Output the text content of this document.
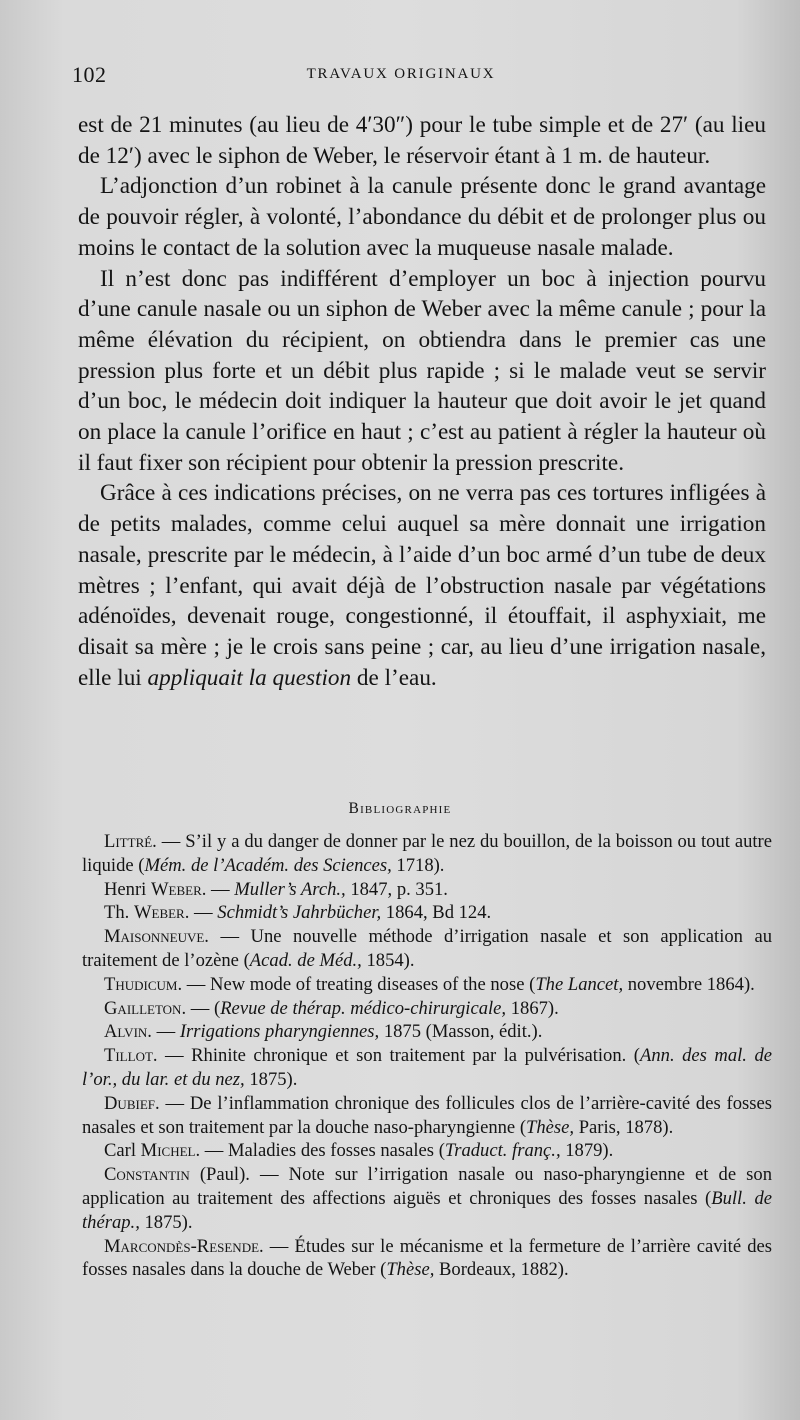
102	TRAVAUX ORIGINAUX

est de 21 minutes (au lieu de 4′30″) pour le tube simple et de 27′ (au lieu de 12′) avec le siphon de Weber, le réservoir étant à 1 m. de hauteur.

L’adjonction d’un robinet à la canule présente donc le grand avantage de pouvoir régler, à volonté, l’abondance du débit et de prolonger plus ou moins le contact de la solution avec la muqueuse nasale malade.

Il n’est donc pas indifférent d’employer un boc à injection pourvu d’une canule nasale ou un siphon de Weber avec la même canule ; pour la même élévation du récipient, on obtiendra dans le premier cas une pression plus forte et un débit plus rapide ; si le malade veut se servir d’un boc, le médecin doit indiquer la hauteur que doit avoir le jet quand on place la canule l’orifice en haut ; c’est au patient à régler la hauteur où il faut fixer son récipient pour obtenir la pression prescrite.

Grâce à ces indications précises, on ne verra pas ces tortures infligées à de petits malades, comme celui auquel sa mère donnait une irrigation nasale, prescrite par le médecin, à l’aide d’un boc armé d’un tube de deux mètres ; l’enfant, qui avait déjà de l’obstruction nasale par végétations adénoïdes, devenait rouge, congestionné, il étouffait, il asphyxiait, me disait sa mère ; je le crois sans peine ; car, au lieu d’une irrigation nasale, elle lui appliquait la question de l’eau.

Bibliographie

Littré. — S’il y a du danger de donner par le nez du bouillon, de la boisson ou tout autre liquide (Mém. de l’Académ. des Sciences, 1718).

Henri Weber. — Muller’s Arch., 1847, p. 351.

Th. Weber. — Schmidt’s Jahrbücher, 1864, Bd 124.

Maisonneuve. — Une nouvelle méthode d’irrigation nasale et son application au traitement de l’ozène (Acad. de Méd., 1854).

Thudicum. — New mode of treating diseases of the nose (The Lancet, novembre 1864).

Gailleton. — (Revue de thérap. médico-chirurgicale, 1867).

Alvin. — Irrigations pharyngiennes, 1875 (Masson, édit.).

Tillot. — Rhinite chronique et son traitement par la pulvérisation. (Ann. des mal. de l’or., du lar. et du nez, 1875).

Dubief. — De l’inflammation chronique des follicules clos de l’arrière-cavité des fosses nasales et son traitement par la douche naso-pharyngienne (Thèse, Paris, 1878).

Carl Michel. — Maladies des fosses nasales (Traduct. franç., 1879).

Constantin (Paul). — Note sur l’irrigation nasale ou naso-pharyngienne et de son application au traitement des affections aiguës et chroniques des fosses nasales (Bull. de thérap., 1875).

Marcondès-Resende. — Études sur le mécanisme et la fermeture de l’arrière cavité des fosses nasales dans la douche de Weber (Thèse, Bordeaux, 1882).
